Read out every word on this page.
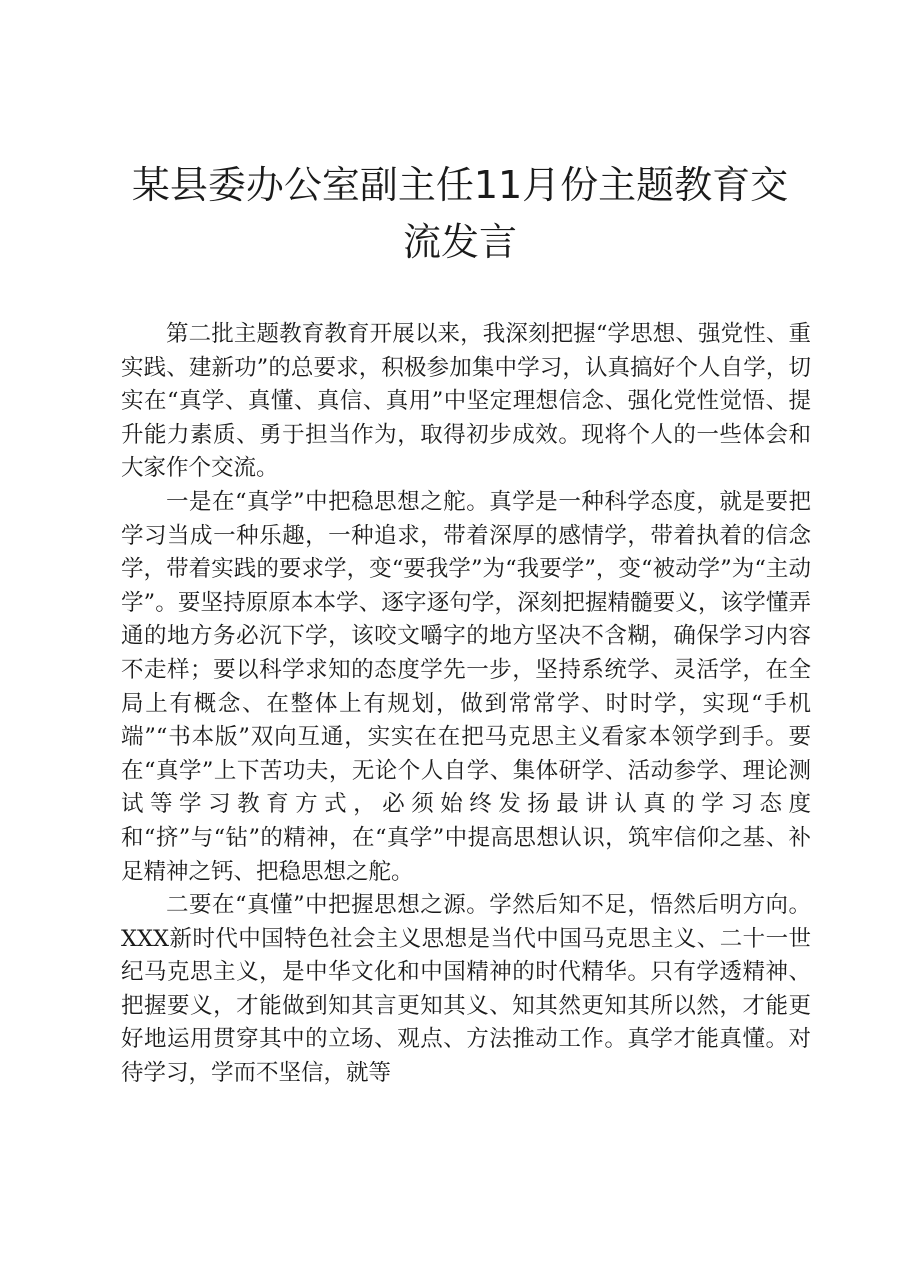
某县委办公室副主任11月份主题教育交流发言

第二批主题教育教育开展以来，我深刻把握“学思想、强党性、重实践、建新功”的总要求，积极参加集中学习，认真搞好个人自学，切实在“真学、真懂、真信、真用”中坚定理想信念、强化党性觉悟、提升能力素质、勇于担当作为，取得初步成效。现将个人的一些体会和大家作个交流。

一是在“真学”中把稳思想之舵。真学是一种科学态度，就是要把学习当成一种乐趣，一种追求，带着深厚的感情学，带着执着的信念学，带着实践的要求学，变“要我学”为“我要学”，变“被动学”为“主动学”。要坚持原原本本学、逐字逐句学，深刻把握精髓要义，该学懂弄通的地方务必沉下学，该咬文嚼字的地方坚决不含糊，确保学习内容不走样；要以科学求知的态度学先一步，坚持系统学、灵活学，在全局上有概念、在整体上有规划，做到常常学、时时学，实现“手机端”“书本版”双向互通，实实在在把马克思主义看家本领学到手。要在“真学”上下苦功夫，无论个人自学、集体研学、活动参学、理论测试等学习教育方式，必须始终发扬最讲认真的学习态度和“挤”与“钻”的精神，在“真学”中提高思想认识，筑牢信仰之基、补足精神之钙、把稳思想之舵。

二要在“真懂”中把握思想之源。学然后知不足，悟然后明方向。XXX新时代中国特色社会主义思想是当代中国马克思主义、二十一世纪马克思主义，是中华文化和中国精神的时代精华。只有学透精神、把握要义，才能做到知其言更知其义、知其然更知其所以然，才能更好地运用贯穿其中的立场、观点、方法推动工作。真学才能真懂。对待学习，学而不坚信，就等
